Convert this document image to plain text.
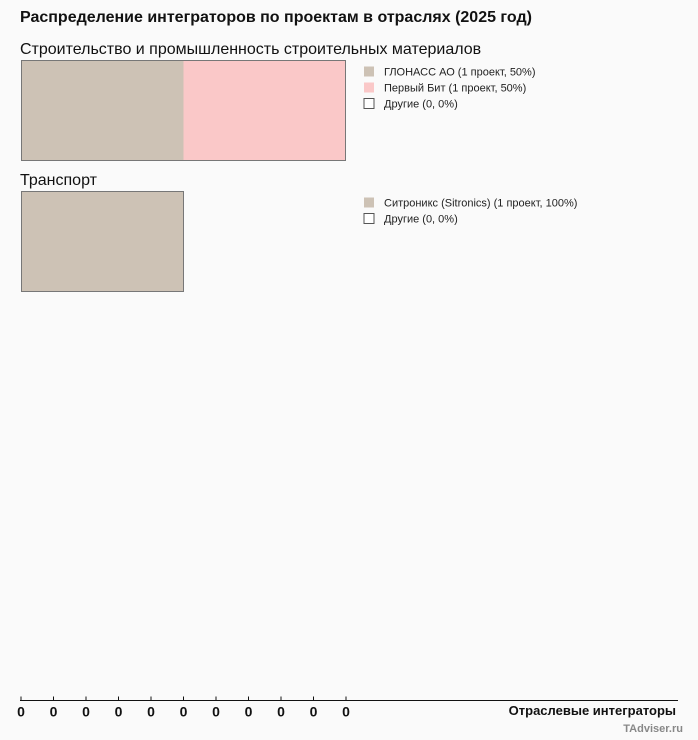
Распределение интеграторов по проектам в отраслях (2025 год)
Строительство и промышленность строительных материалов
ГЛОНАСС АО (1 проект, 50%)
Первый Бит (1 проект, 50%)
Другие (0, 0%)
Транспорт
Ситроникс (Sitronics) (1 проект, 100%)
Другие (0, 0%)
0 0 0 0 0 0 0 0 0 0 0	Отраслевые интеграторы
TAdviser.ru
